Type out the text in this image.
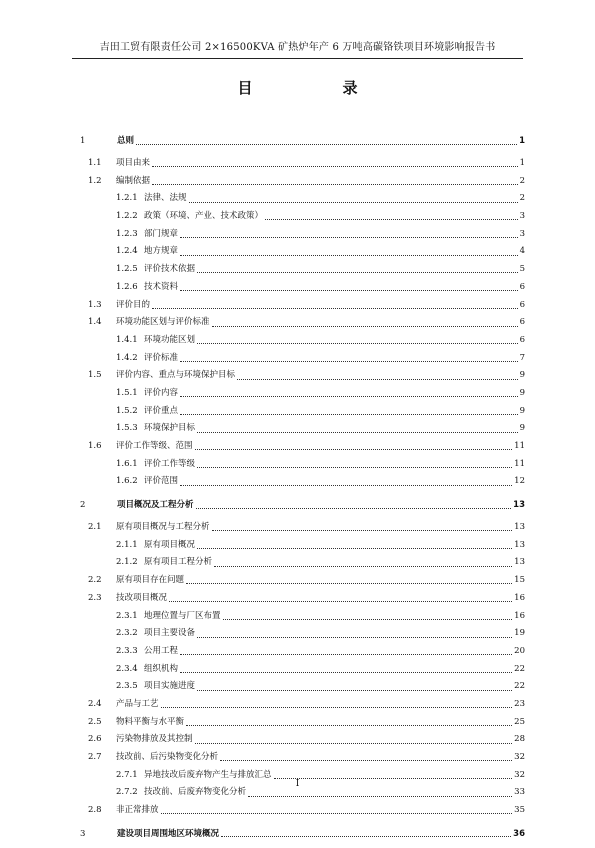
吉田工贸有限责任公司 2×16500KVA 矿热炉年产 6 万吨高碳铬铁项目环境影响报告书
目　　录
1	总则	1
1.1	项目由来	1
1.2	编制依据	2
1.2.1 法律、法规	2
1.2.2 政策（环境、产业、技术政策）	3
1.2.3 部门规章	3
1.2.4 地方规章	4
1.2.5 评价技术依据	5
1.2.6 技术资料	6
1.3	评价目的	6
1.4	环境功能区划与评价标准	6
1.4.1 环境功能区划	6
1.4.2 评价标准	7
1.5	评价内容、重点与环境保护目标	9
1.5.1 评价内容	9
1.5.2 评价重点	9
1.5.3 环境保护目标	9
1.6	评价工作等级、范围	11
1.6.1 评价工作等级	11
1.6.2 评价范围	12
2	项目概况及工程分析	13
2.1	原有项目概况与工程分析	13
2.1.1 原有项目概况	13
2.1.2 原有项目工程分析	13
2.2	原有项目存在问题	15
2.3	技改项目概况	16
2.3.1 地理位置与厂区布置	16
2.3.2 项目主要设备	19
2.3.3 公用工程	20
2.3.4 组织机构	22
2.3.5 项目实施进度	22
2.4	产品与工艺	23
2.5	物料平衡与水平衡	25
2.6	污染物排放及其控制	28
2.7	技改前、后污染物变化分析	32
2.7.1 异地技改后废弃物产生与排放汇总	32
2.7.2 技改前、后废弃物变化分析	33
2.8	非正常排放	35
3	建设项目周围地区环境概况	36
I
